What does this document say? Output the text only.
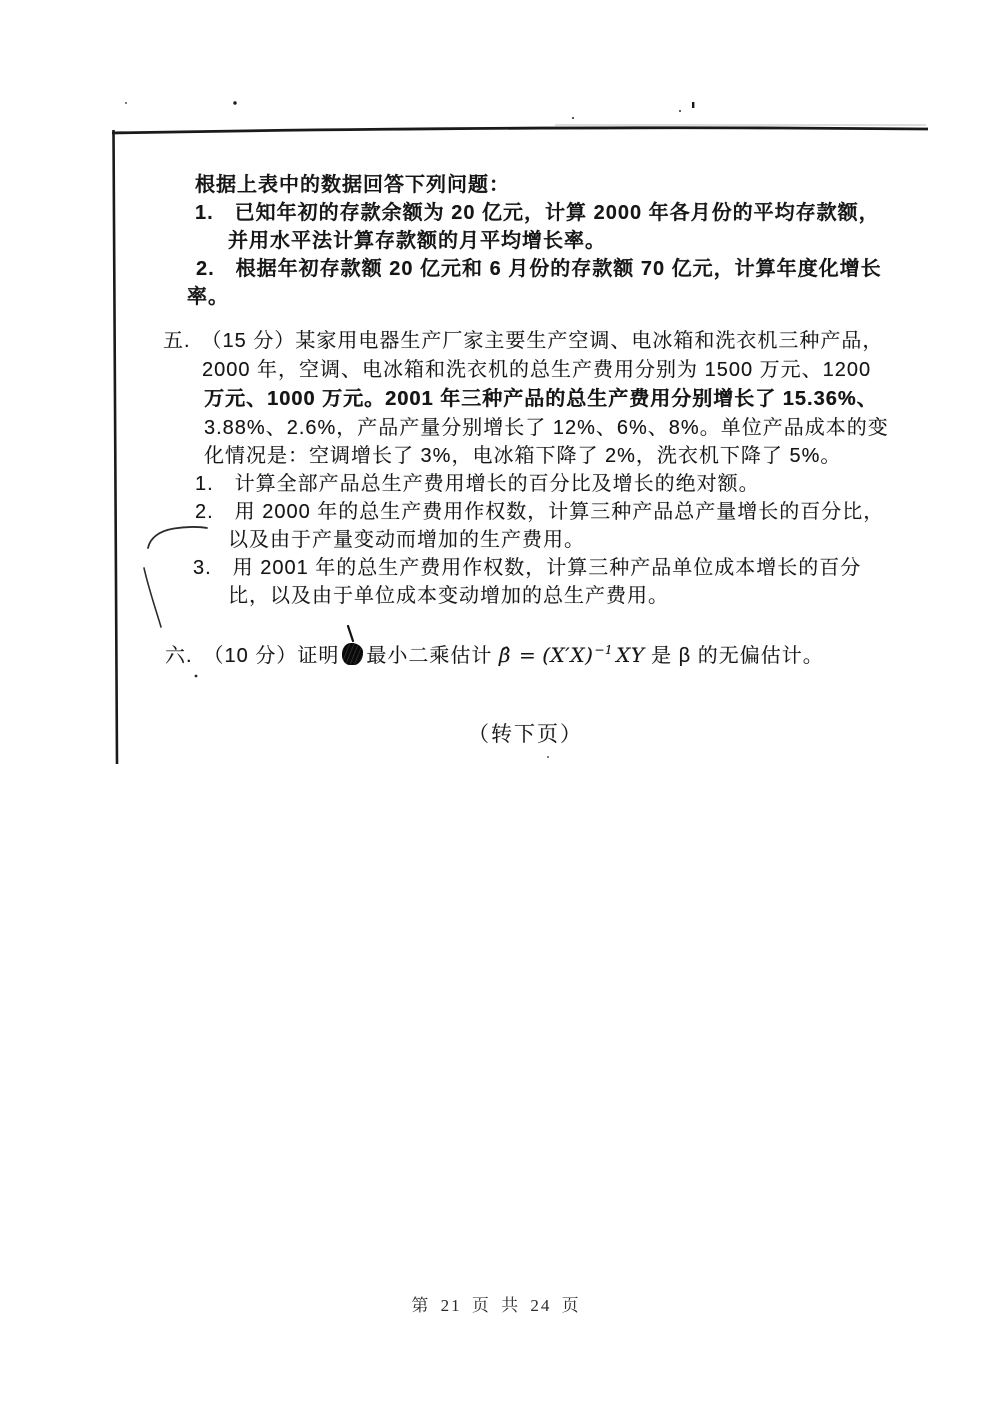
根据上表中的数据回答下列问题：
1.　已知年初的存款余额为 20 亿元，计算 2000 年各月份的平均存款额，
并用水平法计算存款额的月平均增长率。
2.　根据年初存款额 20 亿元和 6 月份的存款额 70 亿元，计算年度化增长
率。
五.　（15 分）某家用电器生产厂家主要生产空调、电冰箱和洗衣机三种产品，
2000 年，空调、电冰箱和洗衣机的总生产费用分别为 1500 万元、1200
万元、1000 万元。2001 年三种产品的总生产费用分别增长了 15.36%、
3.88%、2.6%，产品产量分别增长了 12%、6%、8%。单位产品成本的变
化情况是：空调增长了 3%，电冰箱下降了 2%，洗衣机下降了 5%。
1.　计算全部产品总生产费用增长的百分比及增长的绝对额。
2.　用 2000 年的总生产费用作权数，计算三种产品总产量增长的百分比，
以及由于产量变动而增加的生产费用。
3.　用 2001 年的总生产费用作权数，计算三种产品单位成本增长的百分
比，以及由于单位成本变动增加的总生产费用。
六.　（10 分）证明 最小二乘估计 β̂ = $(X'X)^{-1}$ XY 是 β 的无偏估计。
（转下页）
第 21 页 共 24 页
